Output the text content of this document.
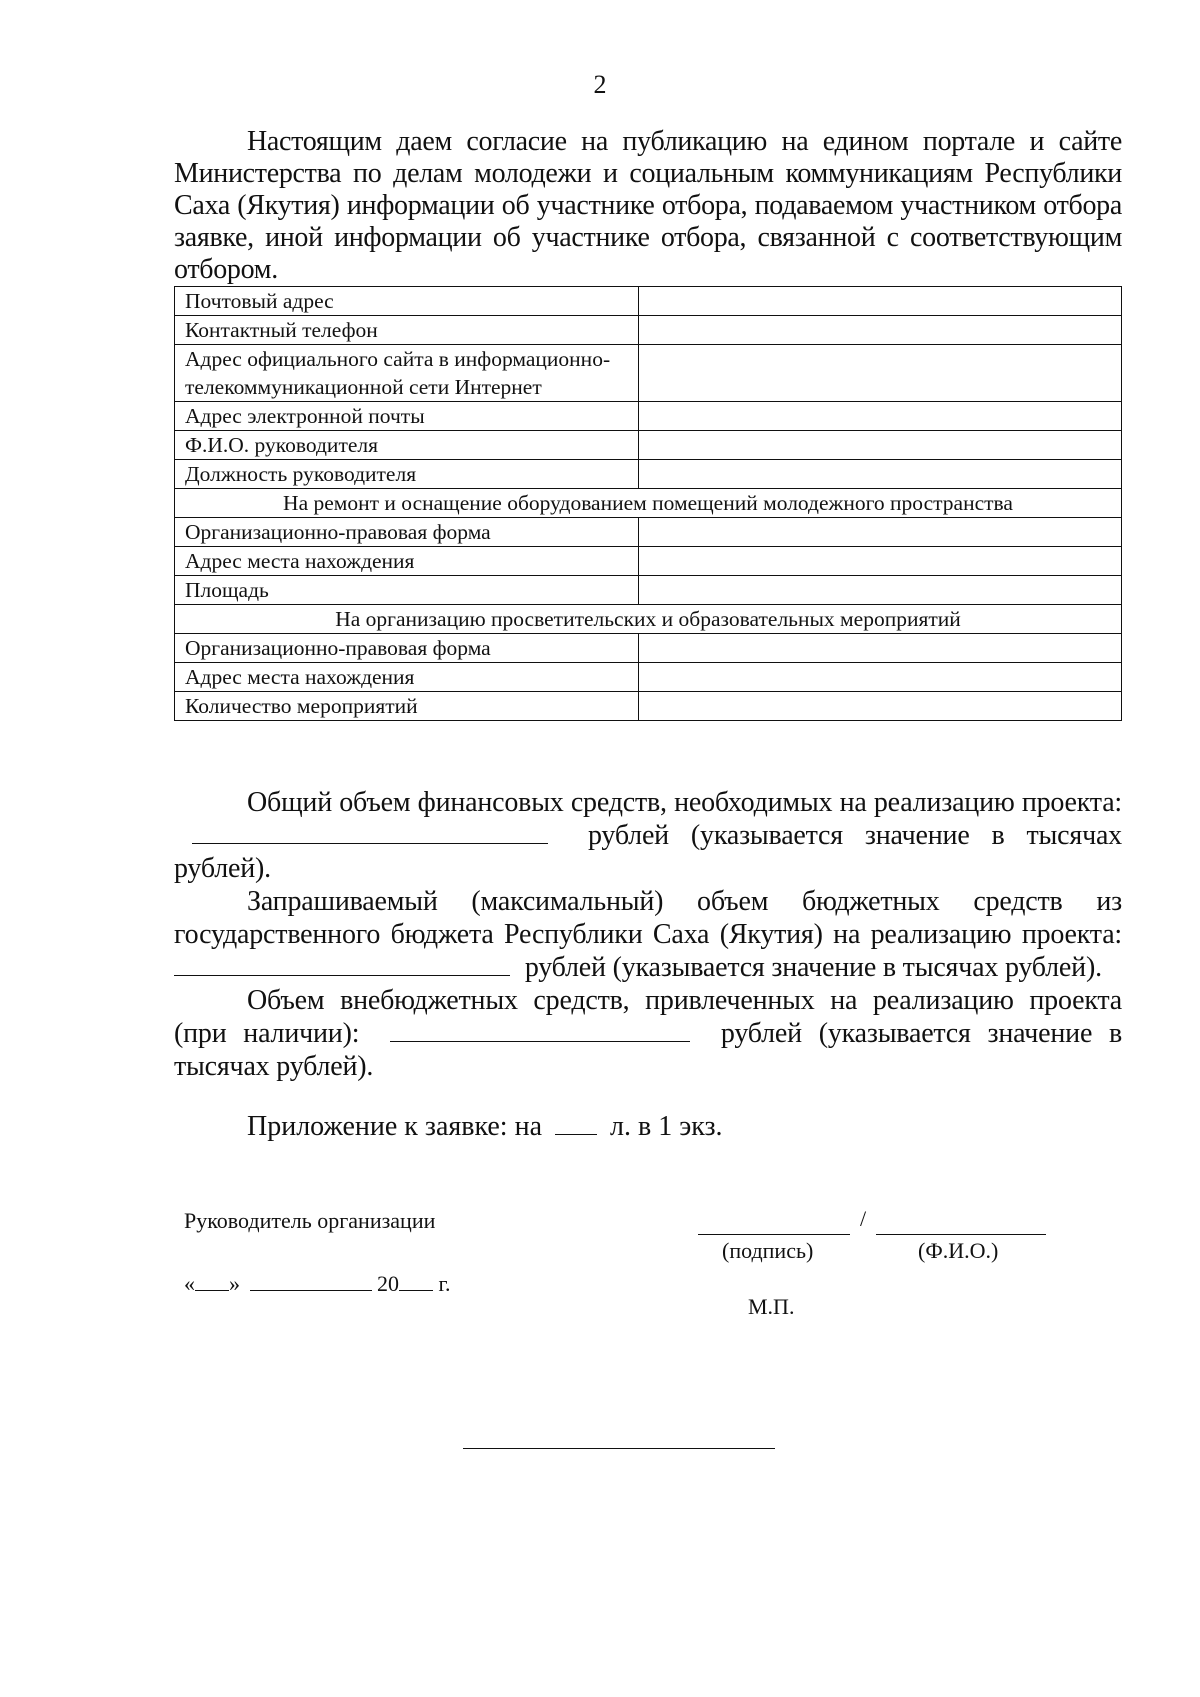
2

Настоящим даем согласие на публикацию на едином портале и сайте Министерства по делам молодежи и социальным коммуникациям Республики Саха (Якутия) информации об участнике отбора, подаваемом участником отбора заявке, иной информации об участнике отбора, связанной с соответствующим отбором.

Почтовый адрес	
Контактный телефон	
Адрес официального сайта в информационно-телекоммуникационной сети Интернет	
Адрес электронной почты	
Ф.И.О. руководителя	
Должность руководителя	
На ремонт и оснащение оборудованием помещений молодежного пространства	
Организационно-правовая форма	
Адрес места нахождения	
Площадь	
На организацию просветительских и образовательных мероприятий	
Организационно-правовая форма	
Адрес места нахождения	
Количество мероприятий	

Общий объем финансовых средств, необходимых на реализацию проекта:  рублей (указывается значение в тысячах рублей).

Запрашиваемый (максимальный) объем бюджетных средств из государственного бюджета Республики Саха (Якутия) на реализацию проекта:  рублей (указывается значение в тысячах рублей).

Объем внебюджетных средств, привлеченных на реализацию проекта (при наличии):	рублей (указывается значение в тысячах рублей).

Приложение к заявке: на л. в 1 экз.
Руководитель организации	/
(подпись)	(Ф.И.О.)
« »	20 г.
М.П.
